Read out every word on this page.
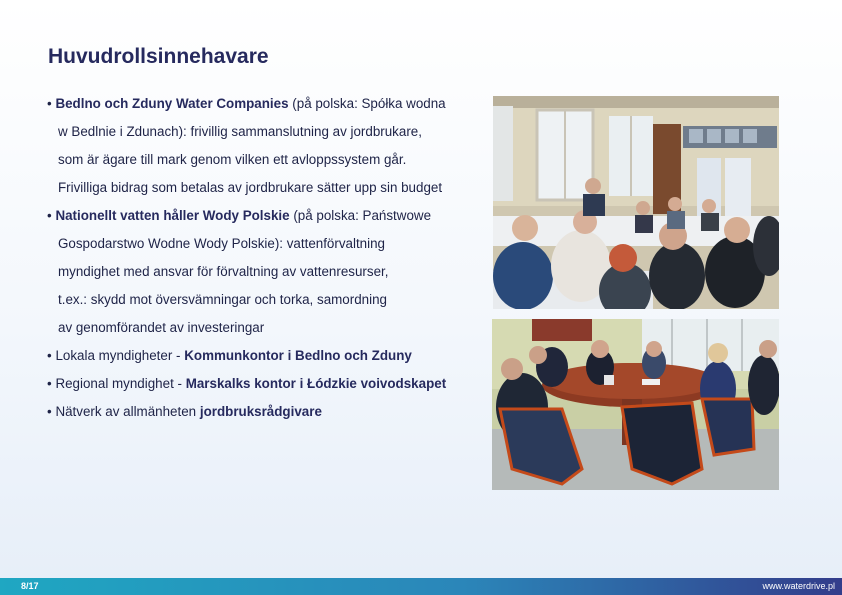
Huvudrollsinnehavare
• Bedlno och Zduny Water Companies (på polska: Spółka wodna
w Bedlnie i Zdunach): frivillig sammanslutning av jordbrukare,
som är ägare till mark genom vilken ett avloppssystem går.
Frivilliga bidrag som betalas av jordbrukare sätter upp sin budget
• Nationellt vatten håller Wody Polskie (på polska: Państwowe
Gospodarstwo Wodne Wody Polskie): vattenförvaltning
myndighet med ansvar för förvaltning av vattenresurser,
t.ex.: skydd mot översvämningar och torka, samordning
av genomförandet av investeringar
• Lokala myndigheter - Kommunkontor i Bedlno och Zduny
• Regional myndighet - Marskalks kontor i Łódzkie voivodskapet
• Nätverk av allmänheten jordbruksrådgivare
8/17	www.waterdrive.pl
